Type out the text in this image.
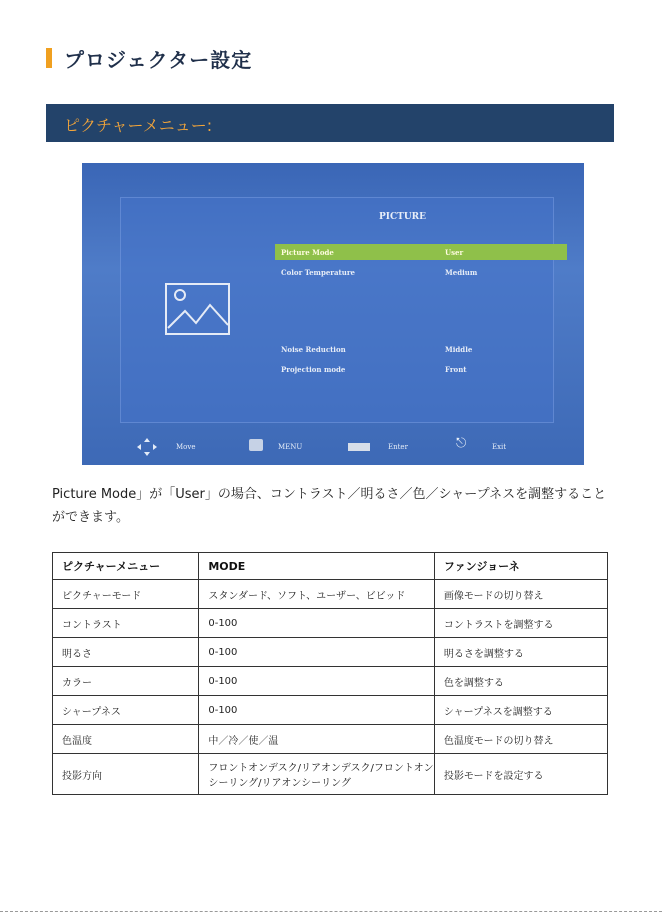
プロジェクター設定
ピクチャーメニュー:
PICTURE
Picture Mode	User
Color Temperature	Medium
Noise Reduction	Middle
Projection mode	Front
Move	MENU	Enter	⎋	Exit
Picture Mode」が「User」の場合、コントラスト／明るさ／色／シャープネスを調整することができます。
ピクチャーメニュー	MODE	ファンジョーネ
ピクチャーモード	スタンダード、ソフト、ユーザー、ビビッド	画像モードの切り替え
コントラスト	0-100	コントラストを調整する
明るさ	0-100	明るさを調整する
カラー	0-100	色を調整する
シャープネス	0-100	シャープネスを調整する
色温度	中／冷／使／温	色温度モードの切り替え
投影方向	フロントオンデスク/リアオンデスク/フロントオンシーリング/リアオンシーリング	投影モードを設定する
